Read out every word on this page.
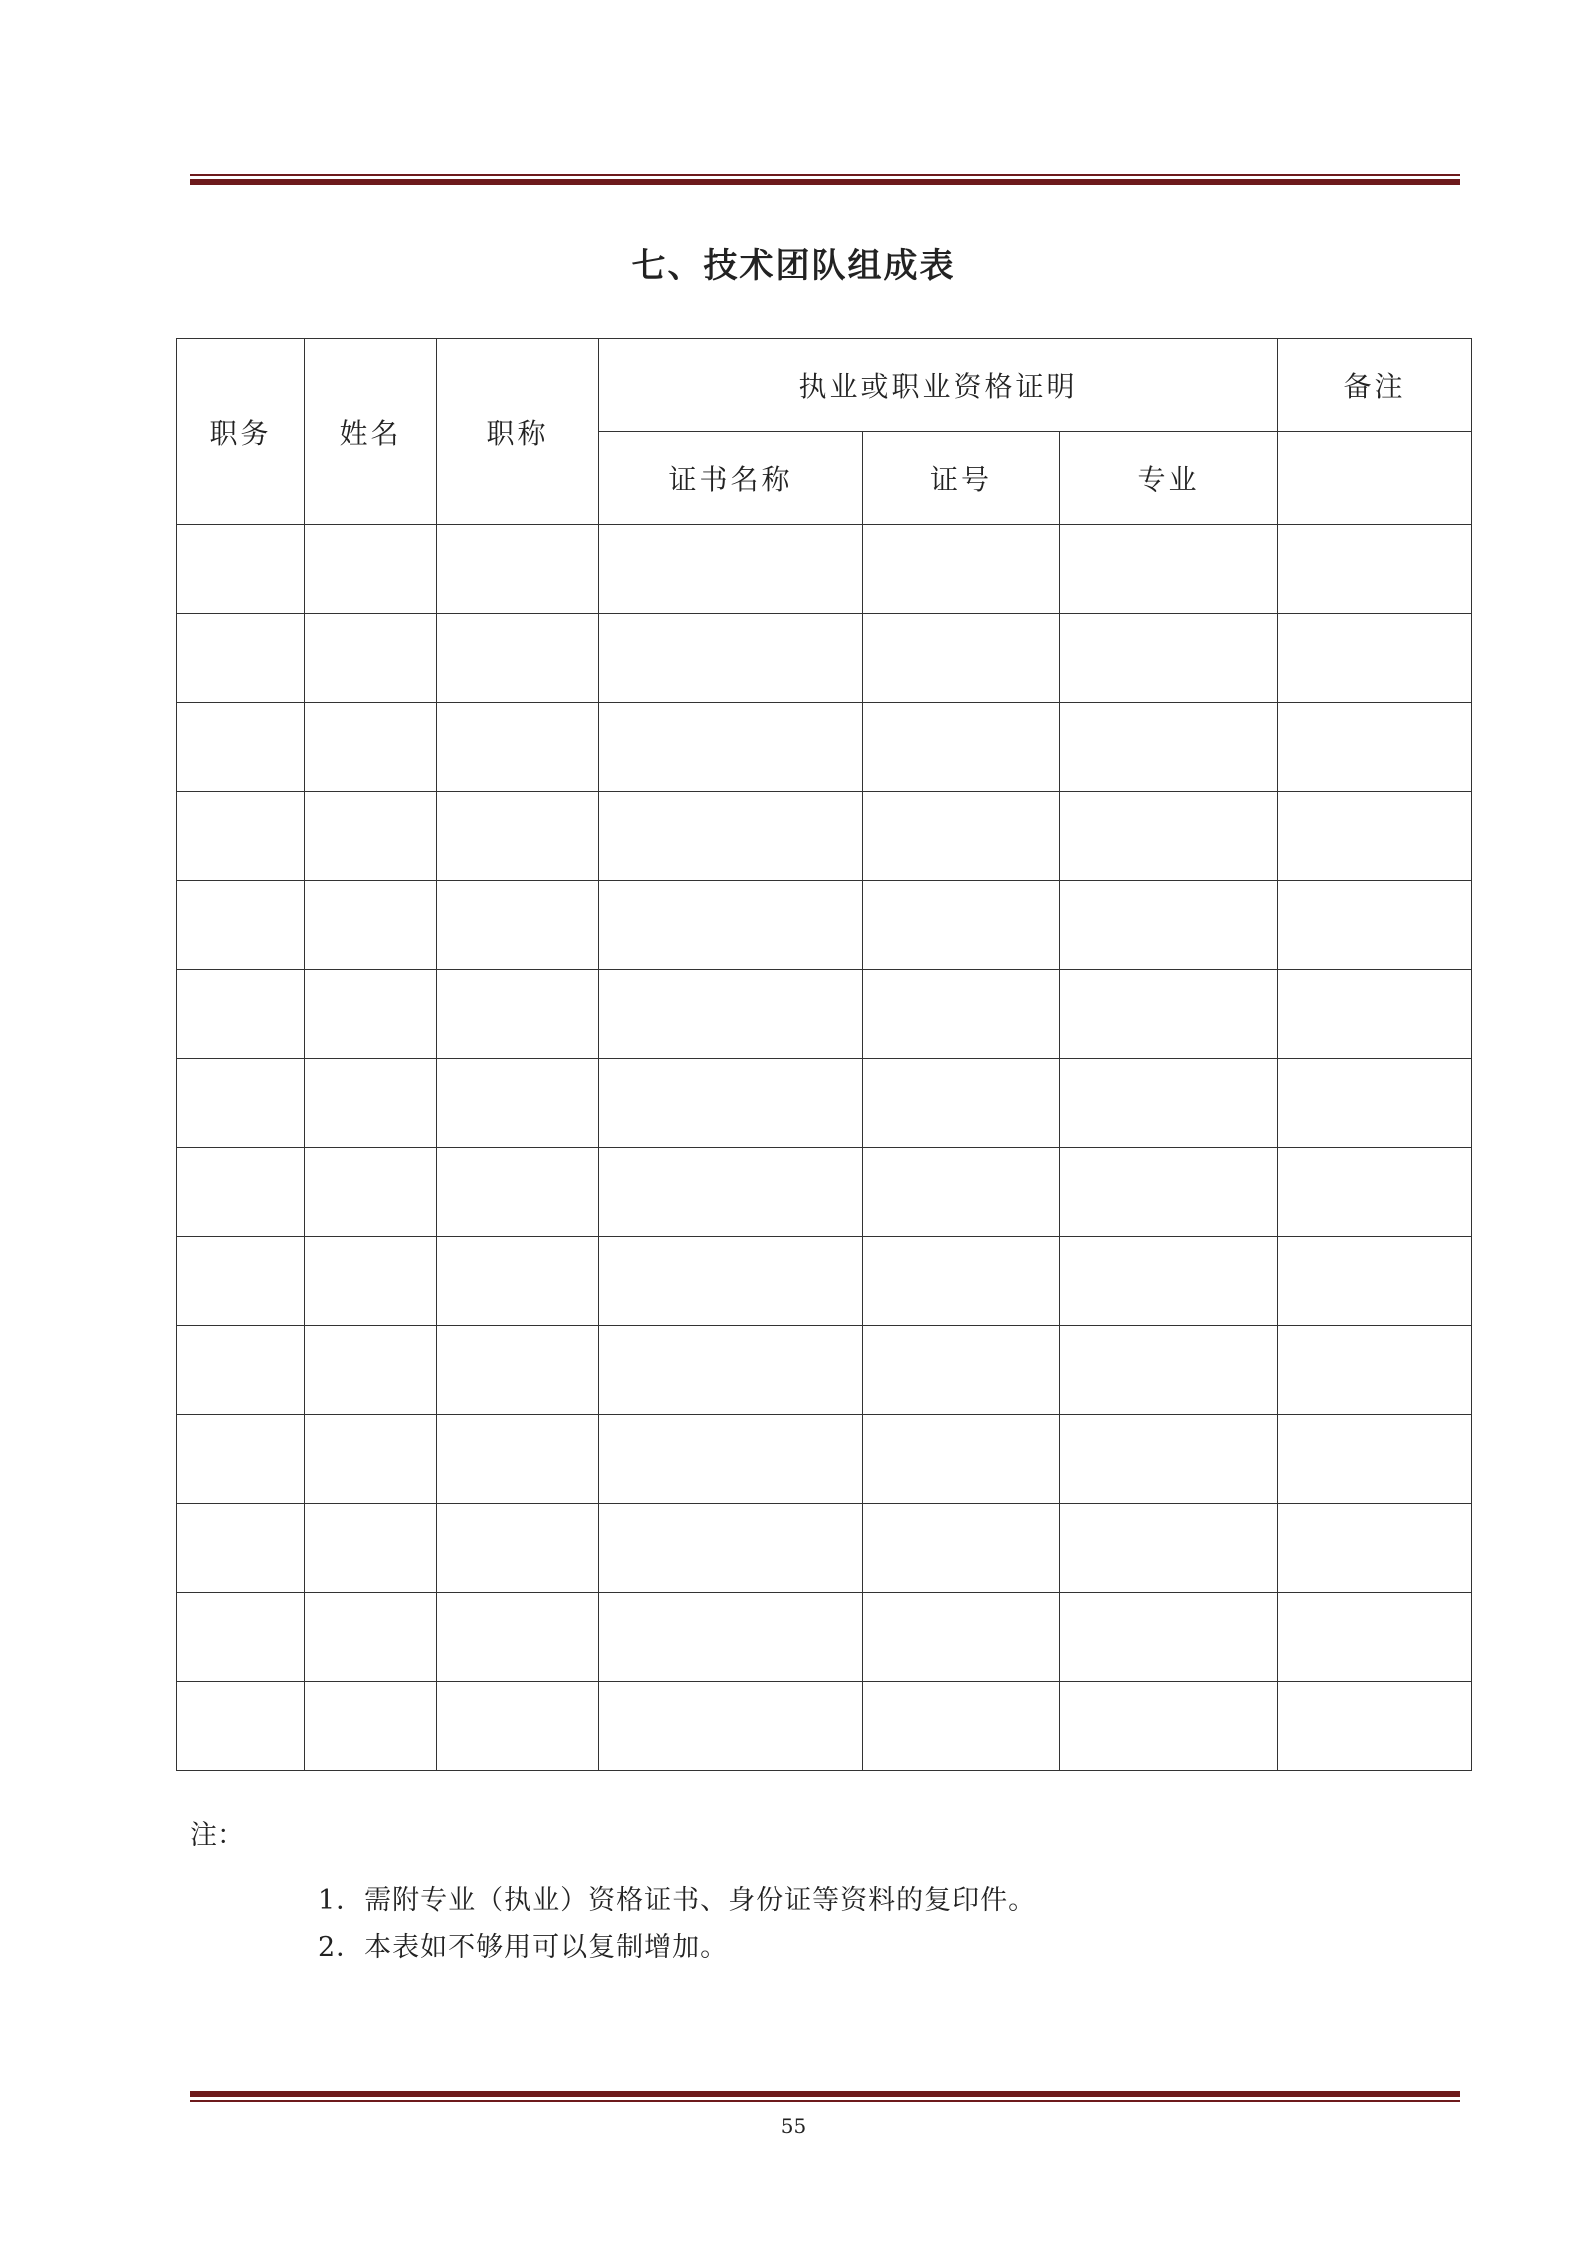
七、技术团队组成表
职务	姓名	职称	执业或职业资格证明			备注
			证书名称	证号	专业	

注：
1．需附专业（执业）资格证书、身份证等资料的复印件。
2．本表如不够用可以复制增加。
55
